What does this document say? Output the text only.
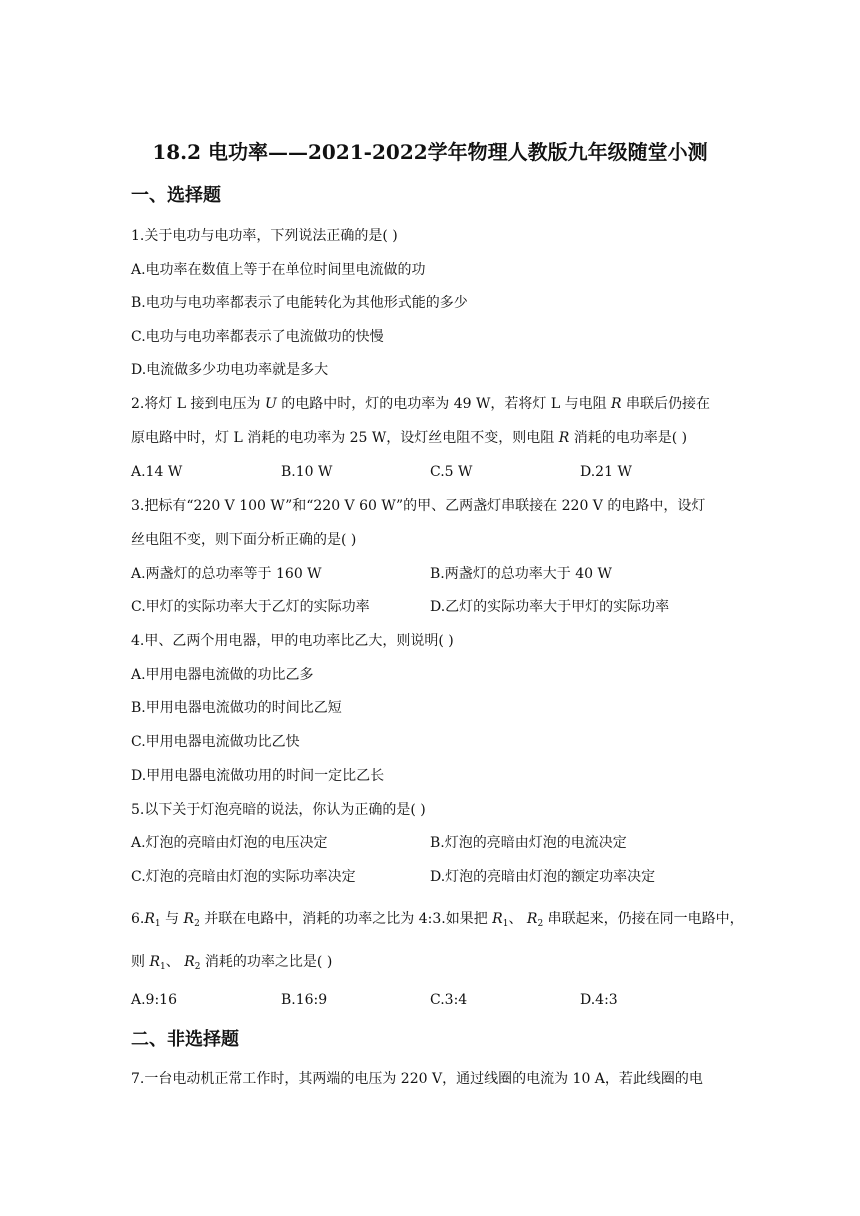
18.2 电功率——2021-2022学年物理人教版九年级随堂小测
一、选择题
1.关于电功与电功率，下列说法正确的是( )
A.电功率在数值上等于在单位时间里电流做的功
B.电功与电功率都表示了电能转化为其他形式能的多少
C.电功与电功率都表示了电流做功的快慢
D.电流做多少功电功率就是多大
2.将灯 L 接到电压为 U 的电路中时，灯的电功率为 49 W，若将灯 L 与电阻 R 串联后仍接在
原电路中时，灯 L 消耗的电功率为 25 W，设灯丝电阻不变，则电阻 R 消耗的电功率是( )
A.14 W	B.10 W	C.5 W	D.21 W
3.把标有“220 V 100 W”和“220 V 60 W”的甲、乙两盏灯串联接在 220 V 的电路中，设灯
丝电阻不变，则下面分析正确的是( )
A.两盏灯的总功率等于 160 W	B.两盏灯的总功率大于 40 W
C.甲灯的实际功率大于乙灯的实际功率	D.乙灯的实际功率大于甲灯的实际功率
4.甲、乙两个用电器，甲的电功率比乙大，则说明( )
A.甲用电器电流做的功比乙多
B.甲用电器电流做功的时间比乙短
C.甲用电器电流做功比乙快
D.甲用电器电流做功用的时间一定比乙长
5.以下关于灯泡亮暗的说法，你认为正确的是( )
A.灯泡的亮暗由灯泡的电压决定	B.灯泡的亮暗由灯泡的电流决定
C.灯泡的亮暗由灯泡的实际功率决定	D.灯泡的亮暗由灯泡的额定功率决定
$6.R_1$ 与 $R_2$ 并联在电路中，消耗的功率之比为 4:3.如果把 $R_1$、 $R_2$ 串联起来，仍接在同一电路中，
则 $R_1$、 $R_2$ 消耗的功率之比是( )
A.9:16	B.16:9	C.3:4	D.4:3
二、非选择题
7.一台电动机正常工作时，其两端的电压为 220 V，通过线圈的电流为 10 A，若此线圈的电
